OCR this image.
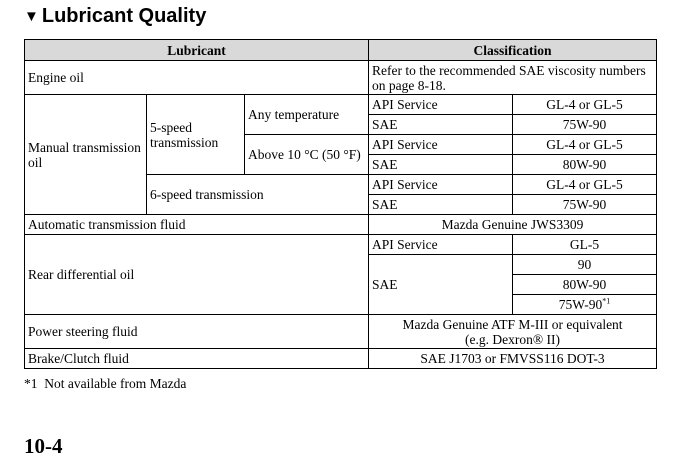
▼ Lubricant Quality
Lubricant			Classification	
Engine oil			Refer to the recommended SAE viscosity numbers on page 8-18.	
Manual transmission oil	5-speed transmission	Any temperature	API Service	GL-4 or GL-5
			SAE	75W-90
		Above 10 °C (50 °F)	API Service	GL-4 or GL-5
			SAE	80W-90
	6-speed transmission		API Service	GL-4 or GL-5
			SAE	75W-90
Automatic transmission fluid			Mazda Genuine JWS3309	
Rear differential oil			API Service	GL-5
			SAE	90
				80W-90
				75W-90$^{*1}$
Power steering fluid			Mazda Genuine ATF M-III or equivalent
(e.g. Dexron® II)	
Brake/Clutch fluid			SAE J1703 or FMVSS116 DOT-3	
*1  Not available from Mazda
10-4
